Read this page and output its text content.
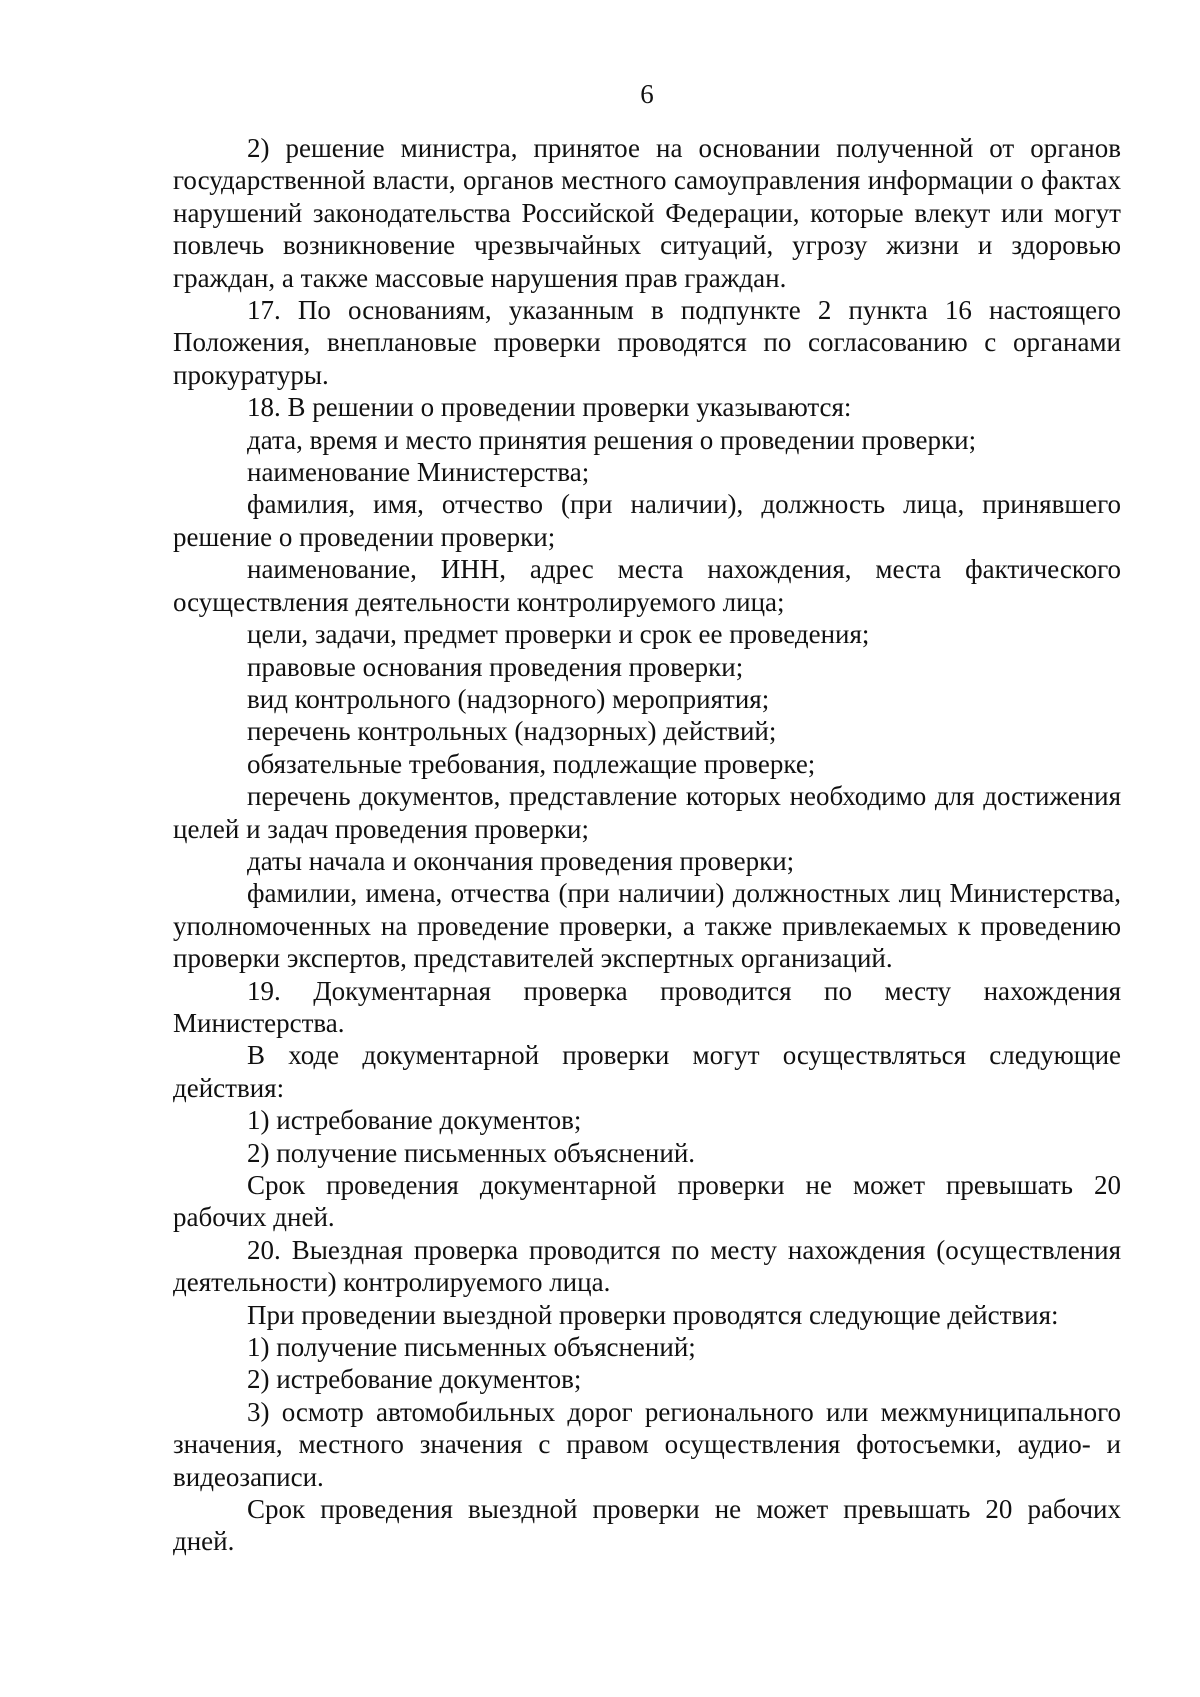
6

2) решение министра, принятое на основании полученной от органов государственной власти, органов местного самоуправления информации о фактах нарушений законодательства Российской Федерации, которые влекут или могут повлечь возникновение чрезвычайных ситуаций, угрозу жизни и здоровью граждан, а также массовые нарушения прав граждан.

17. По основаниям, указанным в подпункте 2 пункта 16 настоящего Положения, внеплановые проверки проводятся по согласованию с органами прокуратуры.

18. В решении о проведении проверки указываются:

дата, время и место принятия решения о проведении проверки;

наименование Министерства;

фамилия, имя, отчество (при наличии), должность лица, принявшего решение о проведении проверки;

наименование, ИНН, адрес места нахождения, места фактического осуществления деятельности контролируемого лица;

цели, задачи, предмет проверки и срок ее проведения;

правовые основания проведения проверки;

вид контрольного (надзорного) мероприятия;

перечень контрольных (надзорных) действий;

обязательные требования, подлежащие проверке;

перечень документов, представление которых необходимо для достижения целей и задач проведения проверки;

даты начала и окончания проведения проверки;

фамилии, имена, отчества (при наличии) должностных лиц Министерства, уполномоченных на проведение проверки, а также привлекаемых к проведению проверки экспертов, представителей экспертных организаций.

19. Документарная проверка проводится по месту нахождения Министерства.

В ходе документарной проверки могут осуществляться следующие действия:

1) истребование документов;

2) получение письменных объяснений.

Срок проведения документарной проверки не может превышать 20 рабочих дней.

20. Выездная проверка проводится по месту нахождения (осуществления деятельности) контролируемого лица.

При проведении выездной проверки проводятся следующие действия:

1) получение письменных объяснений;

2) истребование документов;

3) осмотр автомобильных дорог регионального или межмуниципального значения, местного значения с правом осуществления фотосъемки, аудио- и видеозаписи.

Срок проведения выездной проверки не может превышать 20 рабочих дней.
